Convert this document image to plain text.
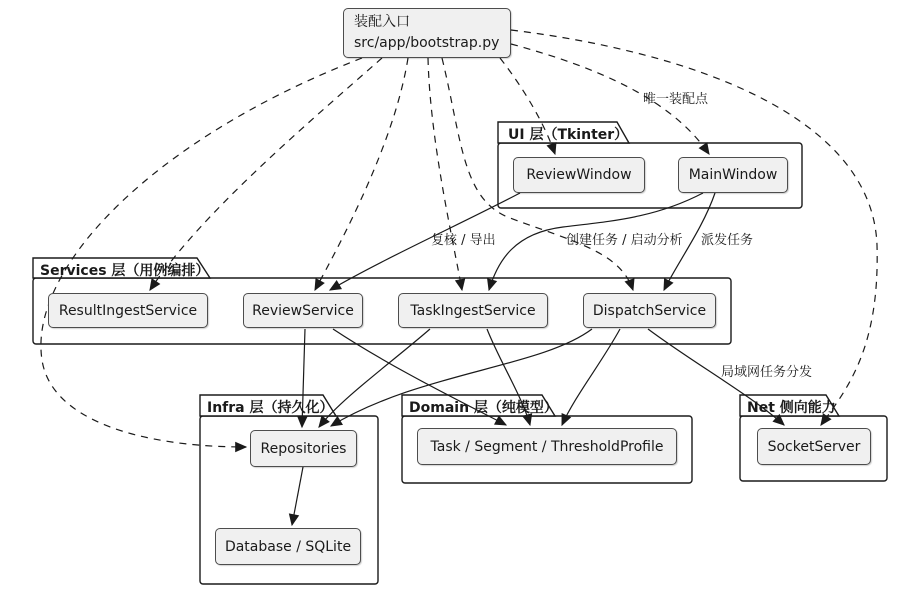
UI 层（Tkinter）
Services 层（用例编排）
Infra 层（持久化）	Domain 层（纯模型）	Net 侧向能力
装配入口
src/app/bootstrap.py
ReviewWindow	MainWindow
ResultIngestService	ReviewService	TaskIngestService	DispatchService
Repositories
Database / SQLite
Task / Segment / ThresholdProfile	SocketServer
唯一装配点
复核 / 导出	创建任务 / 启动分析 派发任务
局域网任务分发
